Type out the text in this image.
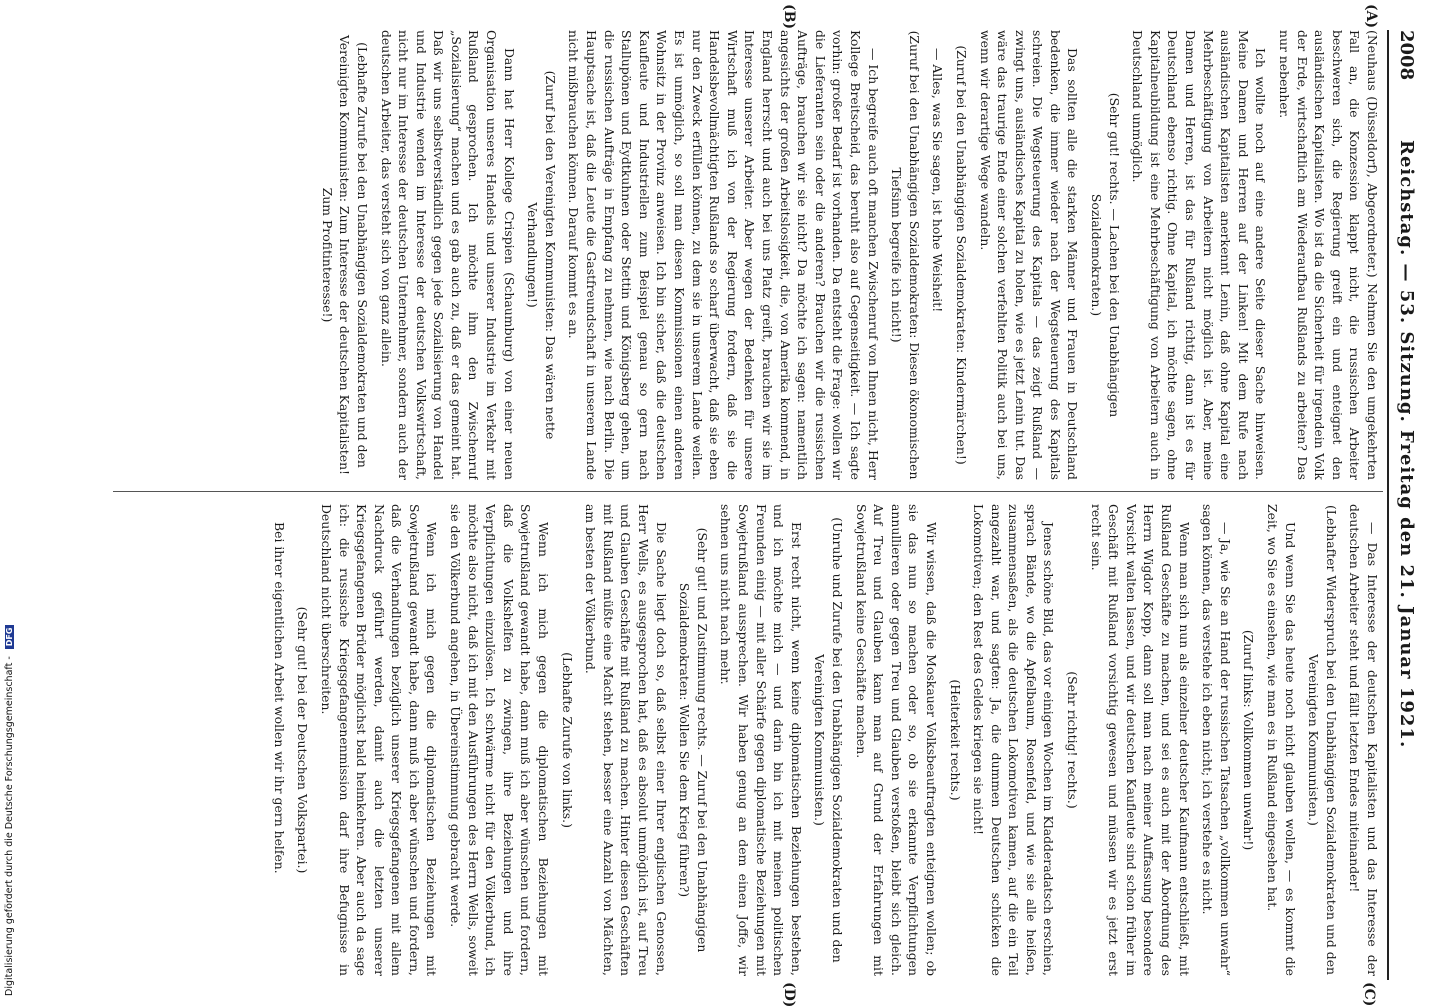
2008
Reichstag. — 53. Sitzung. Freitag den 21. Januar 1921.
(A)
(B)
(C)
(D)

(Neuhaus (Düsseldorf), Abgeordneter.) Nehmen Sie den umgekehrten Fall an, die Konzession klappt nicht, die russischen Arbeiter beschweren sich, die Regierung greift ein und enteignet den ausländischen Kapitalisten. Wo ist da die Sicherheit für irgendein Volk der Erde, wirtschaftlich am Wiederaufbau Rußlands zu arbeiten? Das nur nebenher.

Ich wollte noch auf eine andere Seite dieser Sache hinweisen. Meine Damen und Herren auf der Linken! Mit dem Rufe nach ausländischen Kapitalisten anerkennt Lenin, daß ohne Kapital eine Mehrbeschäftigung von Arbeitern nicht möglich ist. Aber, meine Damen und Herren, ist das für Rußland richtig, dann ist es für Deutschland ebenso richtig. Ohne Kapital, ich möchte sagen, ohne Kapitalneubildung ist eine Mehrbeschäftigung von Arbeitern auch in Deutschland unmöglich.

(Sehr gut! rechts. — Lachen bei den Unabhängigen Sozialdemokraten.)

Das sollten alle die starken Männer und Frauen in Deutschland bedenken, die immer wieder nach der Wegsteuerung des Kapitals schreien. Die Wegsteuerung des Kapitals — das zeigt Rußland — zwingt uns, ausländisches Kapital zu holen, wie es jetzt Lenin tut. Das wäre das traurige Ende einer solchen verfehlten Politik auch bei uns, wenn wir derartige Wege wandeln.

(Zuruf bei den Unabhängigen Sozialdemokraten: Kindermärchen!)

— Alles, was Sie sagen, ist hohe Weisheit!

(Zuruf bei den Unabhängigen Sozialdemokraten: Diesen ökonomischen Tiefsinn begreife ich nicht!)

— Ich begreife auch oft manchen Zwischenruf von Ihnen nicht, Herr Kollege Breitscheid, das beruht also auf Gegenseitigkeit. — Ich sagte vorhin: großer Bedarf ist vorhanden. Da entsteht die Frage: wollen wir die Lieferanten sein oder die anderen? Brauchen wir die russischen Aufträge, brauchen wir sie nicht? Da möchte ich sagen: namentlich angesichts der großen Arbeitslosigkeit, die, von Amerika kommend, in England herrscht und auch bei uns Platz greift, brauchen wir sie im Interesse unserer Arbeiter. Aber wegen der Bedenken für unsere Wirtschaft muß ich von der Regierung fordern, daß sie die Handelsbevollmächtigten Rußlands so scharf überwacht, daß sie eben nur den Zweck erfüllen können, zu dem sie in unserem Lande weilen. Es ist unmöglich, so soll man diesen Kommissionen einen anderen Wohnsitz in der Provinz anweisen. Ich bin sicher, daß die deutschen Kaufleute und Industriellen zum Beispiel genau so gern nach Stallupönen und Eydtkuhnen oder Stettin und Königsberg gehen, um die russischen Aufträge in Empfang zu nehmen, wie nach Berlin. Die Hauptsache ist, daß die Leute die Gastfreundschaft in unserem Lande nicht mißbrauchen können. Darauf kommt es an.

(Zuruf bei den Vereinigten Kommunisten: Das wären nette Verhandlungen!)

Dann hat Herr Kollege Crispien (Schaumburg) von einer neuen Organisation unseres Handels und unserer Industrie im Verkehr mit Rußland gesprochen. Ich möchte ihm den Zwischenruf „Sozialisierung“ machen und es gab auch zu, daß er das gemeint hat. Daß wir uns selbstverständlich gegen jede Sozialisierung von Handel und Industrie wenden im Interesse der deutschen Volkswirtschaft, nicht nur im Interesse der deutschen Unternehmer, sondern auch der deutschen Arbeiter, das versteht sich von ganz allein.

(Lebhafte Zurufe bei den Unabhängigen Sozialdemokraten und den Vereinigten Kommunisten: Zum Interesse der deutschen Kapitalisten! Zum Profitinteresse!)

— Das Interesse der deutschen Kapitalisten und das Interesse der deutschen Arbeiter steht und fällt letzten Endes miteinander!

(Lebhafter Widerspruch bei den Unabhängigen Sozialdemokraten und den Vereinigten Kommunisten.)

Und wenn Sie das heute noch nicht glauben wollen, — es kommt die Zeit, wo Sie es einsehen, wie man es in Rußland eingesehen hat.

(Zuruf links: Vollkommen unwahr!)

— Ja, wie Sie an Hand der russischen Tatsachen „vollkommen unwahr“ sagen können, das verstehe ich eben nicht; ich verstehe es nicht.

Wenn man sich nun als einzelner deutscher Kaufmann entschließt, mit Rußland Geschäfte zu machen, und sei es auch mit der Abordnung des Herrn Wigdor Kopp, dann soll man nach meiner Auffassung besondere Vorsicht walten lassen, und wir deutschen Kaufleute sind schon früher im Geschäft mit Rußland vorsichtig gewesen und müssen wir es jetzt erst recht sein.

(Sehr richtig! rechts.)

Jenes schöne Bild, das vor einigen Wochen im Kladderadatsch erschien, sprach Bände, wo die Apfelbaum, Rosenfeld, und wie sie alle heißen, zusammensaßen, als die deutschen Lokomotiven kamen, auf die ein Teil angezahlt war, und sagten: Ja, die dummen Deutschen schicken die Lokomotiven; den Rest des Geldes kriegen sie nicht!

(Heiterkeit rechts.)

Wir wissen, daß die Moskauer Volksbeauftragten enteignen wollen; ob sie das nun so machen oder so, ob sie erkannte Verpflichtungen annullieren oder gegen Treu und Glauben verstoßen, bleibt sich gleich. Auf Treu und Glauben kann man auf Grund der Erfahrungen mit Sowjetrußland keine Geschäfte machen.

(Unruhe und Zurufe bei den Unabhängigen Sozialdemokraten und den Vereinigten Kommunisten.)

Erst recht nicht, wenn keine diplomatischen Beziehungen bestehen, und ich möchte mich — und darin bin ich mit meinen politischen Freunden einig — mit aller Schärfe gegen diplomatische Beziehungen mit Sowjetrußland aussprechen. Wir haben genug an dem einen Joffe, wir sehnen uns nicht nach mehr.

(Sehr gut! und Zustimmung rechts. — Zuruf bei den Unabhängigen Sozialdemokraten: Wollen Sie dem Krieg führen?)

Die Sache liegt doch so, daß selbst einer Ihrer englischen Genossen, Herr Wells, es ausgesprochen hat, daß es absolut unmöglich ist, auf Treu und Glauben Geschäfte mit Rußland zu machen. Hinter diesen Geschäften mit Rußland müßte eine Macht stehen, besser eine Anzahl von Mächten, am besten der Völkerbund.

(Lebhafte Zurufe von links.)

Wenn ich mich gegen die diplomatischen Beziehungen mit Sowjetrußland gewandt habe, dann muß ich aber wünschen und fordern, daß die Volkshelfen zu zwingen, ihre Beziehungen und ihre Verpflichtungen einzulösen. Ich schwärme nicht für den Völkerbund, ich möchte also nicht, daß ich mit den Ausführungen des Herrn Wells, soweit sie den Völkerbund angehen, in Übereinstimmung gebracht werde.

Wenn ich mich gegen die diplomatischen Beziehungen mit Sowjetrußland gewandt habe, dann muß ich aber wünschen und fordern, daß die Verhandlungen bezüglich unserer Kriegsgefangenen mit allem Nachdruck geführt werden, damit auch die letzten unserer Kriegsgefangenen Brüder möglichst bald heimkehren. Aber auch da sage ich: die russische Kriegsgefangenenmission darf ihre Befugnisse in Deutschland nicht überschreiten.

(Sehr gut! bei der Deutschen Volkspartei.)

Bei ihrer eigentlichen Arbeit wollen wir ihr gern helfen.

Digitalisierung gefördert durch die Deutsche Forschungsgemeinschaft - DFG
